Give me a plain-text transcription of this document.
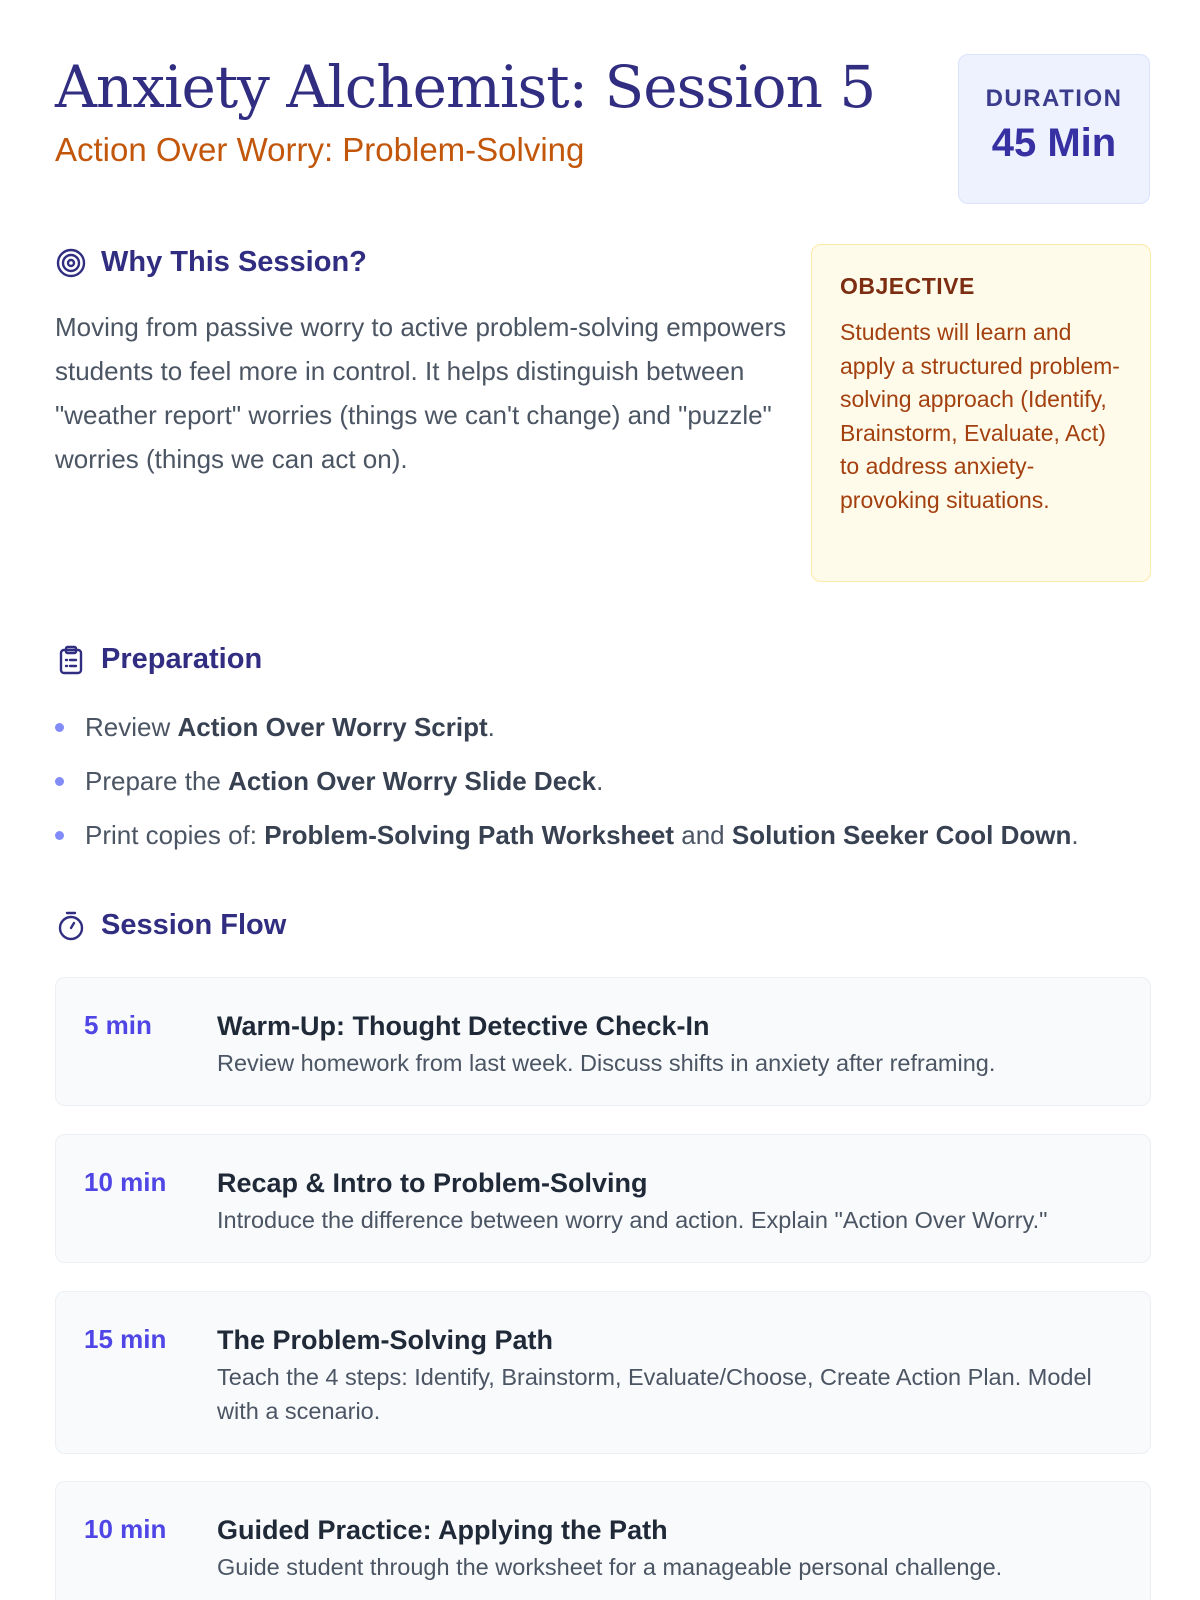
Anxiety Alchemist: Session 5
Action Over Worry: Problem-Solving
DURATION
45 Min
Why This Session?

Moving from passive worry to active problem-solving empowers students to feel more in control. It helps distinguish between "weather report" worries (things we can't change) and "puzzle" worries (things we can act on).

OBJECTIVE
Students will learn and apply a structured problem-solving approach (Identify, Brainstorm, Evaluate, Act) to address anxiety-provoking situations.
Preparation
Review Action Over Worry Script.
Prepare the Action Over Worry Slide Deck.
Print copies of: Problem-Solving Path Worksheet and Solution Seeker Cool Down.
Session Flow
5 min Warm-Up: Thought Detective Check-In
Review homework from last week. Discuss shifts in anxiety after reframing.
10 min Recap & Intro to Problem-Solving
Introduce the difference between worry and action. Explain "Action Over Worry."
15 min The Problem-Solving Path
Teach the 4 steps: Identify, Brainstorm, Evaluate/Choose, Create Action Plan. Model with a scenario.
10 min Guided Practice: Applying the Path
Guide student through the worksheet for a manageable personal challenge.
